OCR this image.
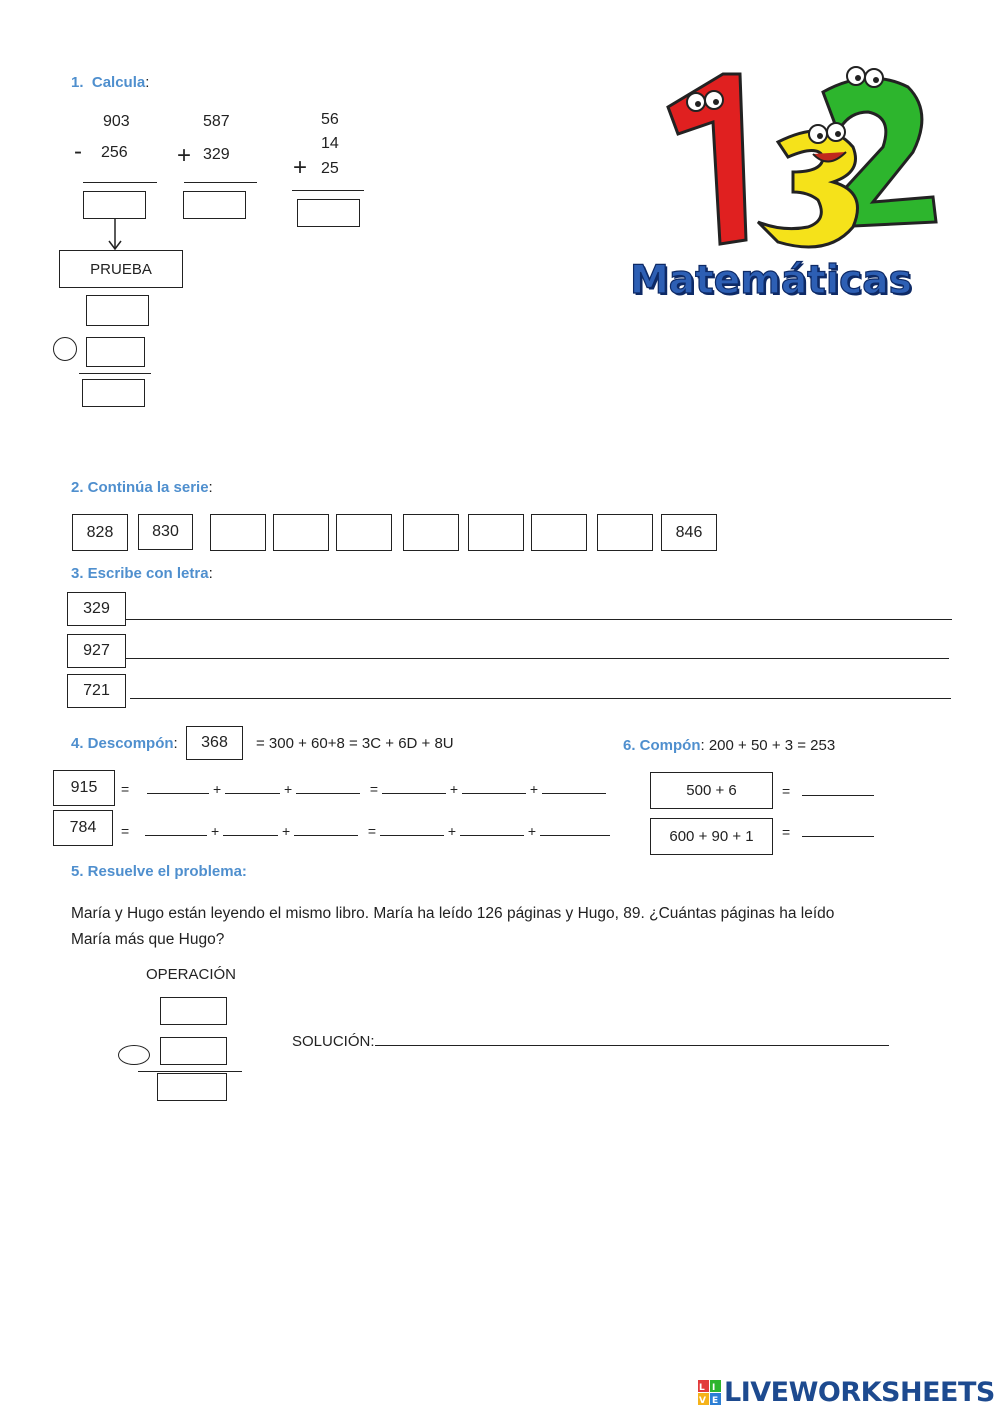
1. Calcula:
903
- 256
PRUEBA
587
+ 329
56
14
+ 25
Matemáticas
2. Continúa la serie:
828 830	846
3. Escribe con letra:
329
927
721
4. Descompón: 368 = 300 + 60+8 = 3C + 6D + 8U
915 =	+	+	=	+	+
784 =	+	+	=	+	+
6. Compón: 200 + 50 + 3 = 253
500 + 6	=
600 + 90 + 1 =
5. Resuelve el problema:
María y Hugo están leyendo el mismo libro. María ha leído 126 páginas y Hugo, 89. ¿Cuántas páginas ha leído
María más que Hugo?
OPERACIÓN
SOLUCIÓN:
L I
V E LIVEWORKSHEETS
